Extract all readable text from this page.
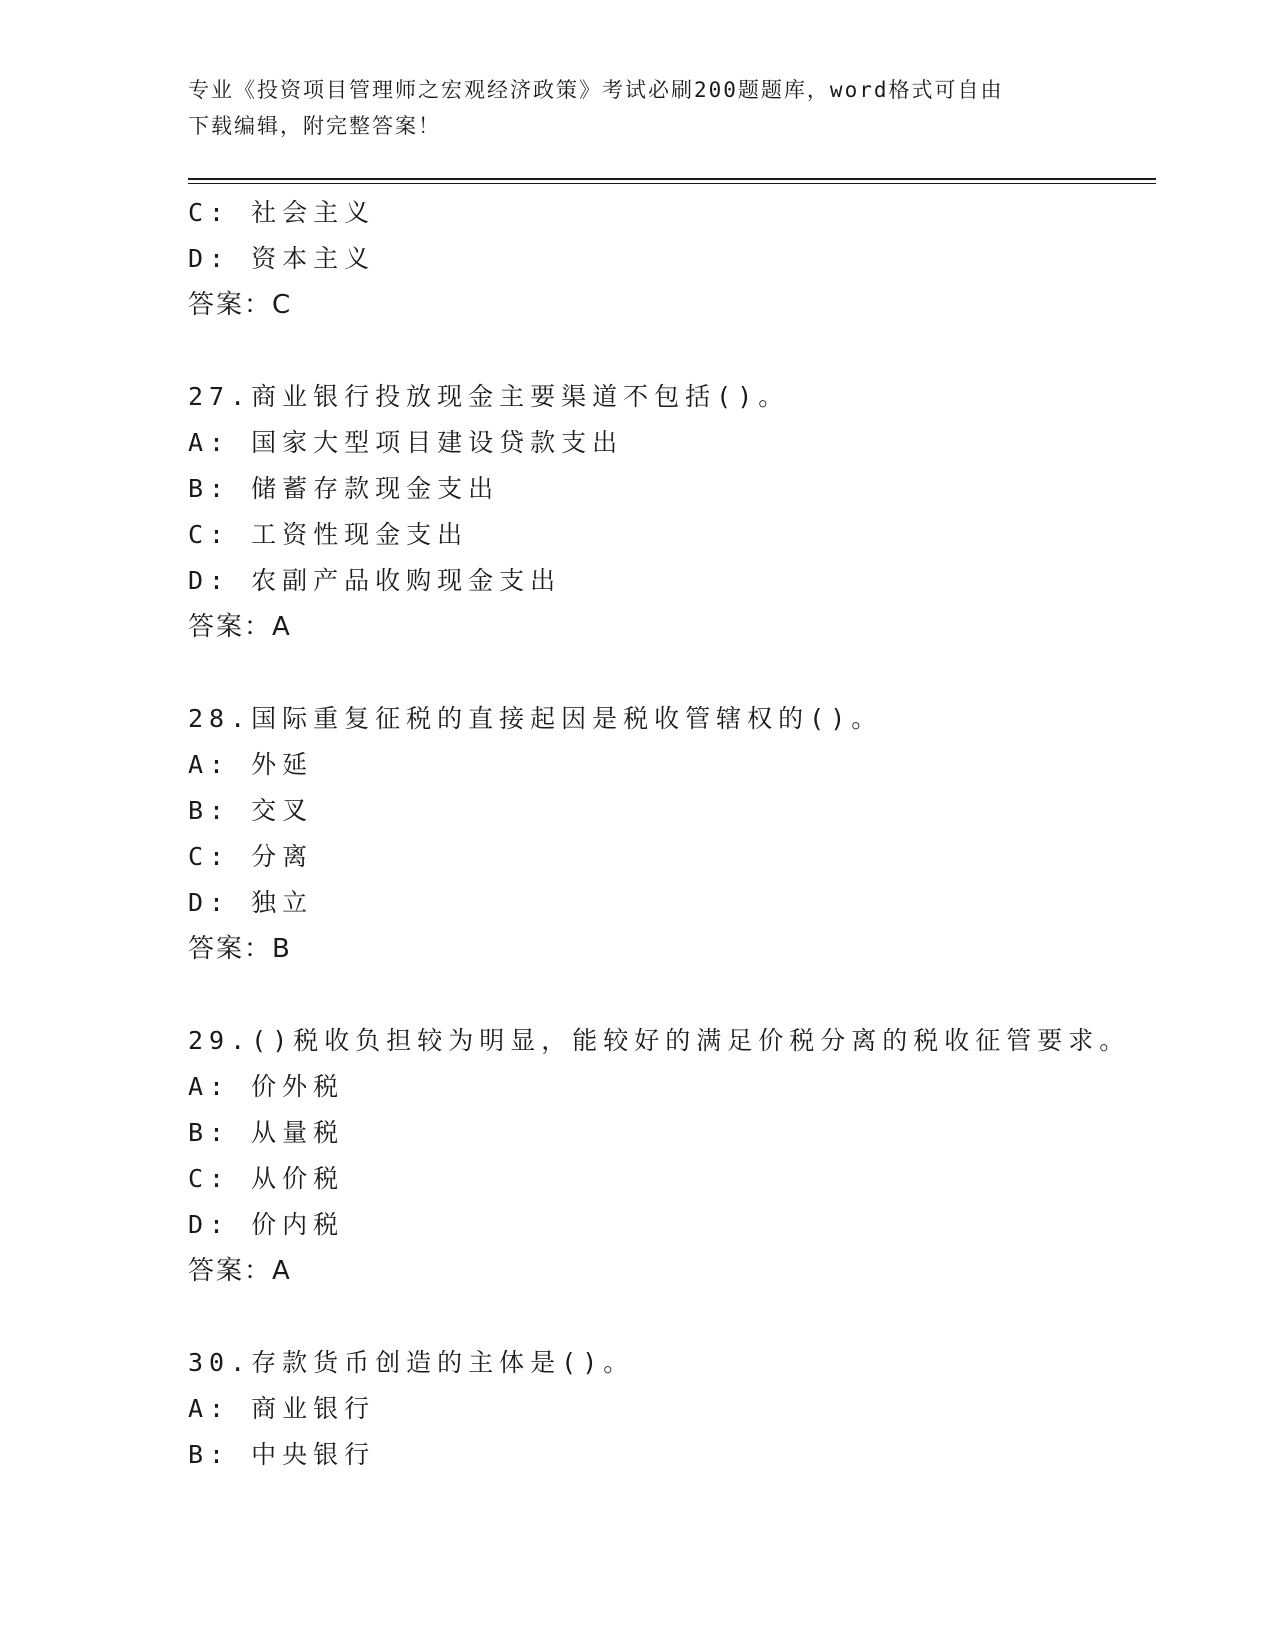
专业《投资项目管理师之宏观经济政策》考试必刷200题题库，word格式可自由
下载编辑，附完整答案！
C: 社会主义
D: 资本主义
答案：C
27.商业银行投放现金主要渠道不包括()。
A: 国家大型项目建设贷款支出
B: 储蓄存款现金支出
C: 工资性现金支出
D: 农副产品收购现金支出
答案：A
28.国际重复征税的直接起因是税收管辖权的()。
A: 外延
B: 交叉
C: 分离
D: 独立
答案：B
29.()税收负担较为明显，能较好的满足价税分离的税收征管要求。
A: 价外税
B: 从量税
C: 从价税
D: 价内税
答案：A
30.存款货币创造的主体是()。
A: 商业银行
B: 中央银行
